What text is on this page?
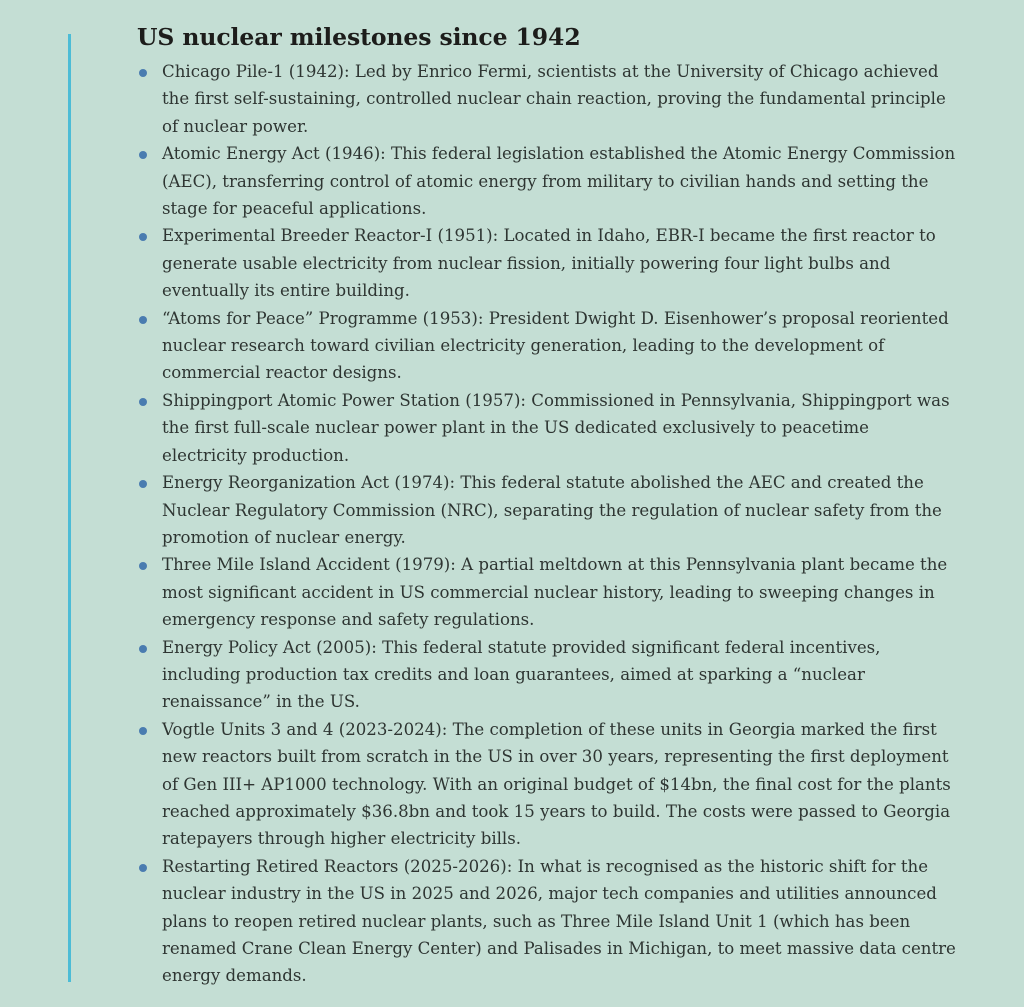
US nuclear milestones since 1942
Chicago Pile-1 (1942): Led by Enrico Fermi, scientists at the University of Chicago achieved the first self-sustaining, controlled nuclear chain reaction, proving the fundamental principle of nuclear power.
Atomic Energy Act (1946): This federal legislation established the Atomic Energy Commission (AEC), transferring control of atomic energy from military to civilian hands and setting the stage for peaceful applications.
Experimental Breeder Reactor-I (1951): Located in Idaho, EBR-I became the first reactor to generate usable electricity from nuclear fission, initially powering four light bulbs and eventually its entire building.
“Atoms for Peace” Programme (1953): President Dwight D. Eisenhower’s proposal reoriented nuclear research toward civilian electricity generation, leading to the development of commercial reactor designs.
Shippingport Atomic Power Station (1957): Commissioned in Pennsylvania, Shippingport was the first full-scale nuclear power plant in the US dedicated exclusively to peacetime electricity production.
Energy Reorganization Act (1974): This federal statute abolished the AEC and created the Nuclear Regulatory Commission (NRC), separating the regulation of nuclear safety from the promotion of nuclear energy.
Three Mile Island Accident (1979): A partial meltdown at this Pennsylvania plant became the most significant accident in US commercial nuclear history, leading to sweeping changes in emergency response and safety regulations.
Energy Policy Act (2005): This federal statute provided significant federal incentives, including production tax credits and loan guarantees, aimed at sparking a “nuclear renaissance” in the US.
Vogtle Units 3 and 4 (2023-2024): The completion of these units in Georgia marked the first new reactors built from scratch in the US in over 30 years, representing the first deployment of Gen III+ AP1000 technology. With an original budget of $14bn, the final cost for the plants reached approximately $36.8bn and took 15 years to build. The costs were passed to Georgia ratepayers through higher electricity bills.
Restarting Retired Reactors (2025-2026): In what is recognised as the historic shift for the nuclear industry in the US in 2025 and 2026, major tech companies and utilities announced plans to reopen retired nuclear plants, such as Three Mile Island Unit 1 (which has been renamed Crane Clean Energy Center) and Palisades in Michigan, to meet massive data centre energy demands.
